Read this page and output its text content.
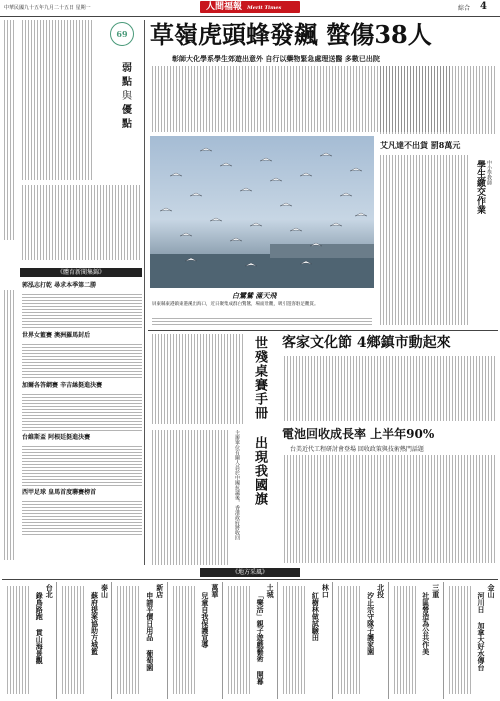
中華民國九十五年九月二十五日 星期一	人間福報 Merit Times	綜合 4
69
弱
點
與
優
點
《體育新聞集錦》
郭泓志打乾 尋求本季第二勝
世界女籃賽 澳洲羅馬封后
加爾各答網賽 辛吉絲挺進決賽
台維斯盃 阿根廷挺進決賽
西甲足球 皇馬首度聯賽榜首
草嶺虎頭蜂發飆 螫傷38人
彰師大化學系學生郊遊出意外 自行以藥物緊急處理送醫 多數已出院
白鷺鷥 滿天飛
屏東縣東港鎮東港溪出海口，近日聚集成群白鷺鷥，場面壯觀，吸引遊客駐足觀賞。
艾凡達不出貨 罰8萬元
學生繳交作業 中小學教師
世殘桌賽手冊 出現我國旗
主辦單位有關人員於中國抗議後，香港政府將收回
客家文化節 4鄉鎮市動起來
電池回收成長率 上半年90%
台美近代工程研討會登場 回收政策與技術熱門話題
《地方采風》
金山
河川日 加拿大好水傳台
三重
社區營造為公共作美
北投
汐止宗守隊子護家園
林口
紅樹林做試驗田
土城
「樂活」親子遊戲藝術 開幕
萬華
兒童自我保護宣導
新店
申請平價日用品 葡萄園
泰山
蘇府提案協助方城籃
台北
錄鳥路跑 貫山海景觀
